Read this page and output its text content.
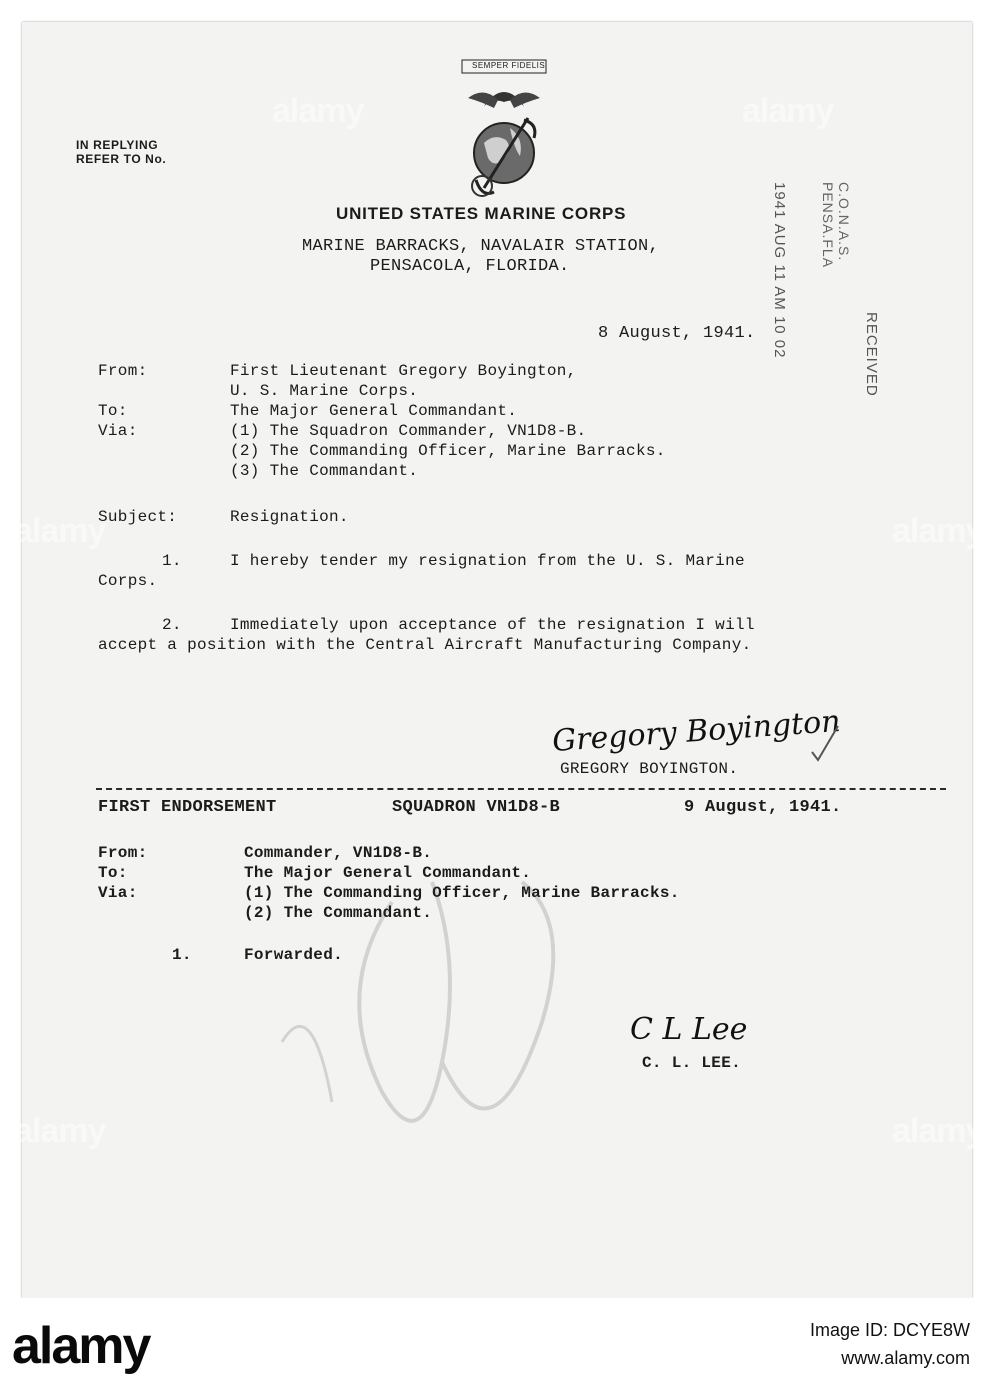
SEMPER FIDELIS
IN REPLYING
REFER TO No.
UNITED STATES MARINE CORPS
MARINE BARRACKS, NAVALAIR STATION,
PENSACOLA, FLORIDA.
8 August, 1941.
C.O.N.A.S.
PENSA.FLA
1941 AUG 11 AM 10 02	RECEIVED
From:	First Lieutenant Gregory Boyington,
U. S. Marine Corps.
To:	The Major General Commandant.
Via:	(1) The Squadron Commander, VN1D8-B.
(2) The Commanding Officer, Marine Barracks.
(3) The Commandant.
Subject:	Resignation.
1.	I hereby tender my resignation from the U. S. Marine
Corps.
2.	Immediately upon acceptance of the resignation I will
accept a position with the Central Aircraft Manufacturing Company.
Gregory Boyington
GREGORY BOYINGTON.
FIRST ENDORSEMENT	SQUADRON VN1D8-B	9 August, 1941.
From:	Commander, VN1D8-B.
To:	The Major General Commandant.
Via:	(1) The Commanding Officer, Marine Barracks.
(2) The Commandant.
1.	Forwarded.
C L Lee
C. L. LEE.
alamy	alamy
alamy
alamy
alamy	alamy
alamy	Image ID: DCYE8W
www.alamy.com
